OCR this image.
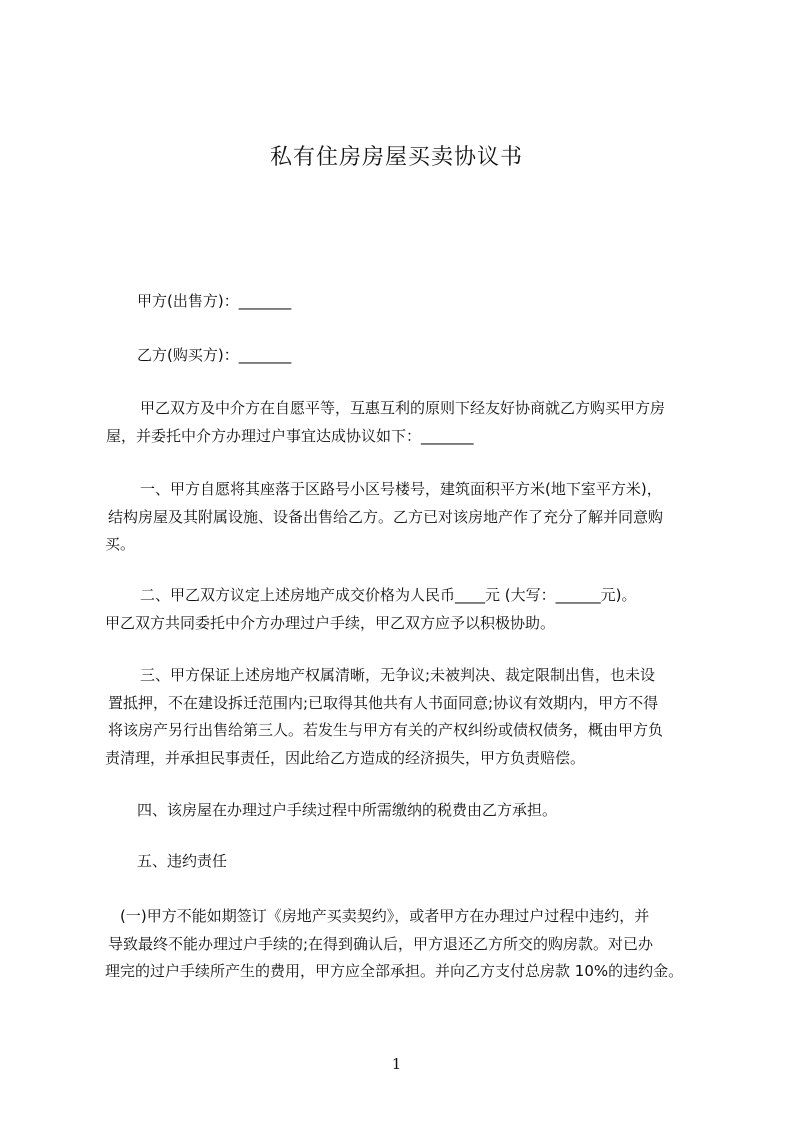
私有住房房屋买卖协议书

甲方(出售方)：_______

乙方(购买方)：_______

甲乙双方及中介方在自愿平等，互惠互利的原则下经友好协商就乙方购买甲方房

屋，并委托中介方办理过户事宜达成协议如下：_______

一、甲方自愿将其座落于区路号小区号楼号，建筑面积平方米(地下室平方米)，

结构房屋及其附属设施、设备出售给乙方。乙方已对该房地产作了充分了解并同意购

买。

二、甲乙双方议定上述房地产成交价格为人民币____元 (大写：______元)。

甲乙双方共同委托中介方办理过户手续，甲乙双方应予以积极协助。

三、甲方保证上述房地产权属清晰，无争议;未被判决、裁定限制出售，也未设

置抵押，不在建设拆迁范围内;已取得其他共有人书面同意;协议有效期内，甲方不得

将该房产另行出售给第三人。若发生与甲方有关的产权纠纷或债权债务，概由甲方负

责清理，并承担民事责任，因此给乙方造成的经济损失，甲方负责赔偿。

四、该房屋在办理过户手续过程中所需缴纳的税费由乙方承担。

五、违约责任

(一)甲方不能如期签订《房地产买卖契约》，或者甲方在办理过户过程中违约，并

导致最终不能办理过户手续的;在得到确认后，甲方退还乙方所交的购房款。对已办

理完的过户手续所产生的费用，甲方应全部承担。并向乙方支付总房款 10%的违约金。

1
